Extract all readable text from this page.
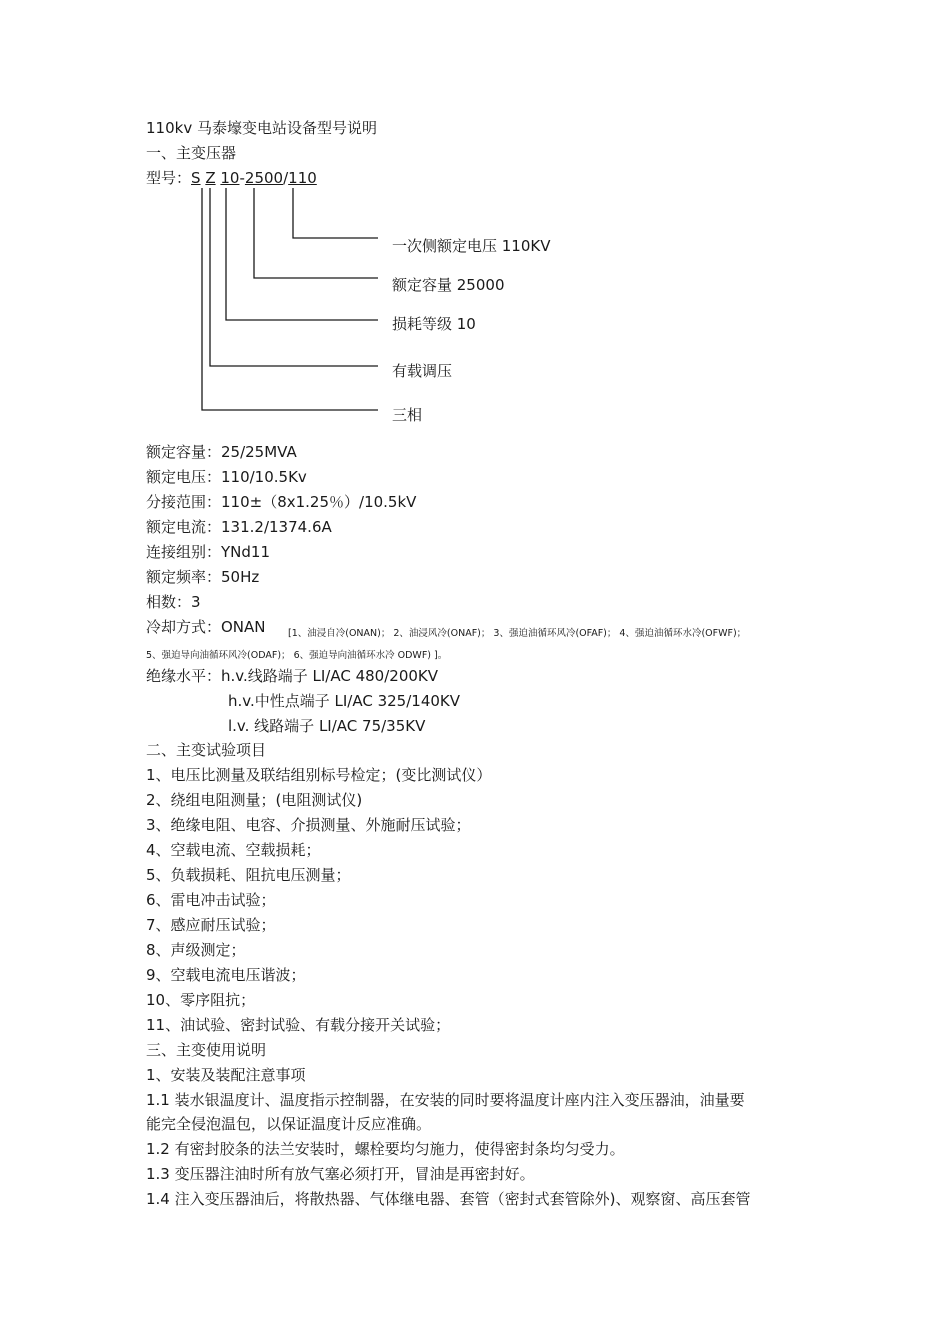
110kv 马泰壕变电站设备型号说明
一、主变压器
型号：S Z 10-2500/110
一次侧额定电压 110KV
额定容量 25000
损耗等级 10
有载调压
三相
额定容量：25/25MVA
额定电压：110/10.5Kv
分接范围：110±（8x1.25％）/10.5kV
额定电流：131.2/1374.6A
连接组别：YNd11
额定频率：50Hz
相数：3
冷却方式：ONAN [1、油浸自冷(ONAN)； 2、油浸风冷(ONAF)； 3、强迫油循环风冷(OFAF)； 4、强迫油循环水冷(OFWF)；
5、强迫导向油循环风冷(ODAF)； 6、强迫导向油循环水冷 ODWF) ]。
绝缘水平：h.v.线路端子 LI/AC 480/200KV
h.v.中性点端子 LI/AC 325/140KV
l.v. 线路端子 LI/AC 75/35KV
二、主变试验项目
1、电压比测量及联结组别标号检定；(变比测试仪）
2、绕组电阻测量；(电阻测试仪)
3、绝缘电阻、电容、介损测量、外施耐压试验；
4、空载电流、空载损耗；
5、负载损耗、阻抗电压测量；
6、雷电冲击试验；
7、感应耐压试验；
8、声级测定；
9、空载电流电压谐波；
10、零序阻抗；
11、油试验、密封试验、有载分接开关试验；
三、主变使用说明
1、安装及装配注意事项
1.1 装水银温度计、温度指示控制器，在安装的同时要将温度计座内注入变压器油，油量要
能完全侵泡温包，以保证温度计反应准确。
1.2 有密封胶条的法兰安装时，螺栓要均匀施力，使得密封条均匀受力。
1.3 变压器注油时所有放气塞必须打开，冒油是再密封好。
1.4 注入变压器油后，将散热器、气体继电器、套管（密封式套管除外)、观察窗、高压套管
